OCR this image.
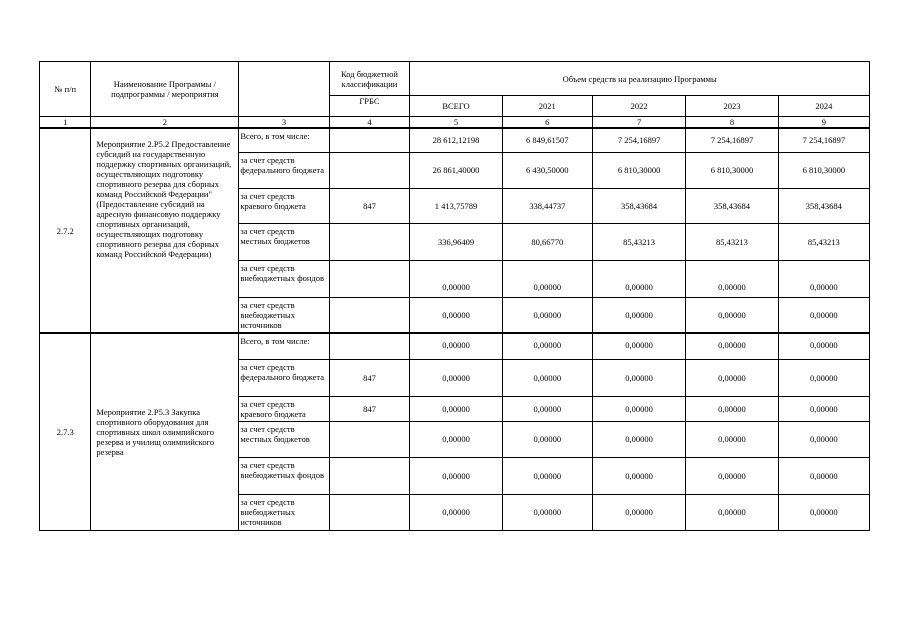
№ п/п	Наименование Программы / подпрограммы / мероприятия		Код бюджетной классификации	Объем средств на реализацию Программы				
			ГРБС	ВСЕГО	2021	2022	2023	2024
1	2	3	4	5	6	7	8	9
2.7.2	Мероприятие 2.P5.2 Предоставление субсидий на государственную поддержку спортивных организаций, осуществляющих подготовку спортивного резерва для сборных команд Российской Федерации" (Предоставление субсидий на адресную финансовую поддержку спортивных организаций, осуществляющих подготовку спортивного резерва для сборных команд Российской Федерации)	Всего, в том числе:		28 612,12198	6 849,61507	7 254,16897	7 254,16897	7 254,16897
		за счет средств федерального бюджета		26 861,40000	6 430,50000	6 810,30000	6 810,30000	6 810,30000
		за счет средств краевого бюджета	847	1 413,75789	338,44737	358,43684	358,43684	358,43684
		за счет средств местных бюджетов		336,96409	80,66770	85,43213	85,43213	85,43213
		за счет средств внебюджетных фондов		0,00000	0,00000	0,00000	0,00000	0,00000
		за счет средств внебюджетных источников		0,00000	0,00000	0,00000	0,00000	0,00000
2.7.3	Мероприятие 2.P5.3 Закупка спортивного оборудования для спортивных школ олимпийского резерва и училищ олимпийского резерва	Всего, в том числе:		0,00000	0,00000	0,00000	0,00000	0,00000
		за счет средств федерального бюджета	847	0,00000	0,00000	0,00000	0,00000	0,00000
		за счет средств краевого бюджета	847	0,00000	0,00000	0,00000	0,00000	0,00000
		за счет средств местных бюджетов		0,00000	0,00000	0,00000	0,00000	0,00000
		за счет средств внебюджетных фондов		0,00000	0,00000	0,00000	0,00000	0,00000
		за счет средств внебюджетных источников		0,00000	0,00000	0,00000	0,00000	0,00000
